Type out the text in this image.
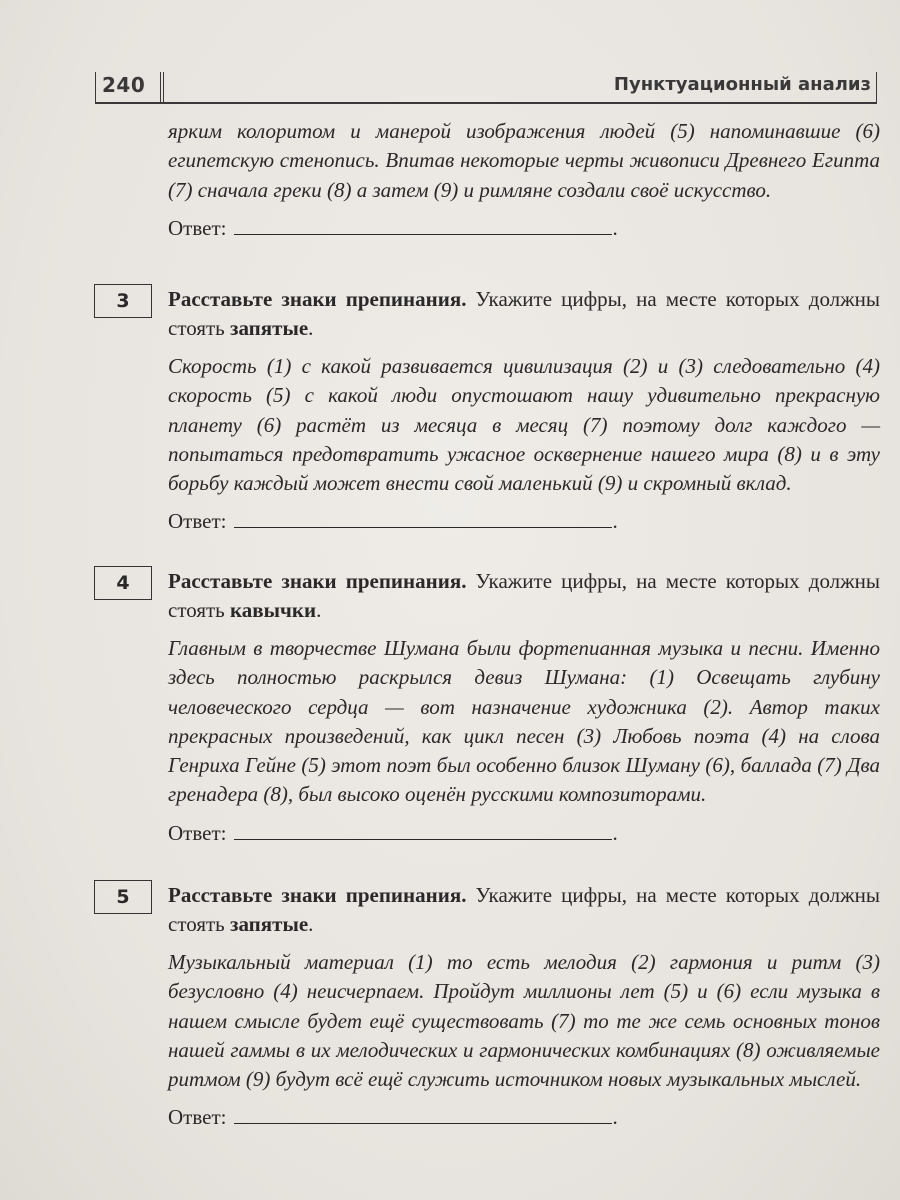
240	Пунктуационный анализ

ярким колоритом и манерой изображения людей (5) напоминавшие (6) египетскую стенопись. Впитав некоторые черты живописи Древнего Египта (7) сначала греки (8) а затем (9) и римляне создали своё искусство.

Ответ:	.

3	Расставьте знаки препинания. Укажите цифры, на месте которых должны стоять запятые.

Скорость (1) с какой развивается цивилизация (2) и (3) следовательно (4) скорость (5) с какой люди опустошают нашу удивительно прекрасную планету (6) растёт из месяца в месяц (7) поэтому долг каждого — попытаться предотвратить ужасное осквернение нашего мира (8) и в эту борьбу каждый может внести свой маленький (9) и скромный вклад.

Ответ:	.

4	Расставьте знаки препинания. Укажите цифры, на месте которых должны стоять кавычки.

Главным в творчестве Шумана были фортепианная музыка и песни. Именно здесь полностью раскрылся девиз Шумана: (1) Освещать глубину человеческого сердца — вот назначение художника (2). Автор таких прекрасных произведений, как цикл песен (3) Любовь поэта (4) на слова Генриха Гейне (5) этот поэт был особенно близок Шуману (6), баллада (7) Два гренадера (8), был высоко оценён русскими композиторами.

Ответ:	.

5	Расставьте знаки препинания. Укажите цифры, на месте которых должны стоять запятые.

Музыкальный материал (1) то есть мелодия (2) гармония и ритм (3) безусловно (4) неисчерпаем. Пройдут миллионы лет (5) и (6) если музыка в нашем смысле будет ещё существовать (7) то те же семь основных тонов нашей гаммы в их мелодических и гармонических комбинациях (8) оживляемые ритмом (9) будут всё ещё служить источником новых музыкальных мыслей.

Ответ:	.
